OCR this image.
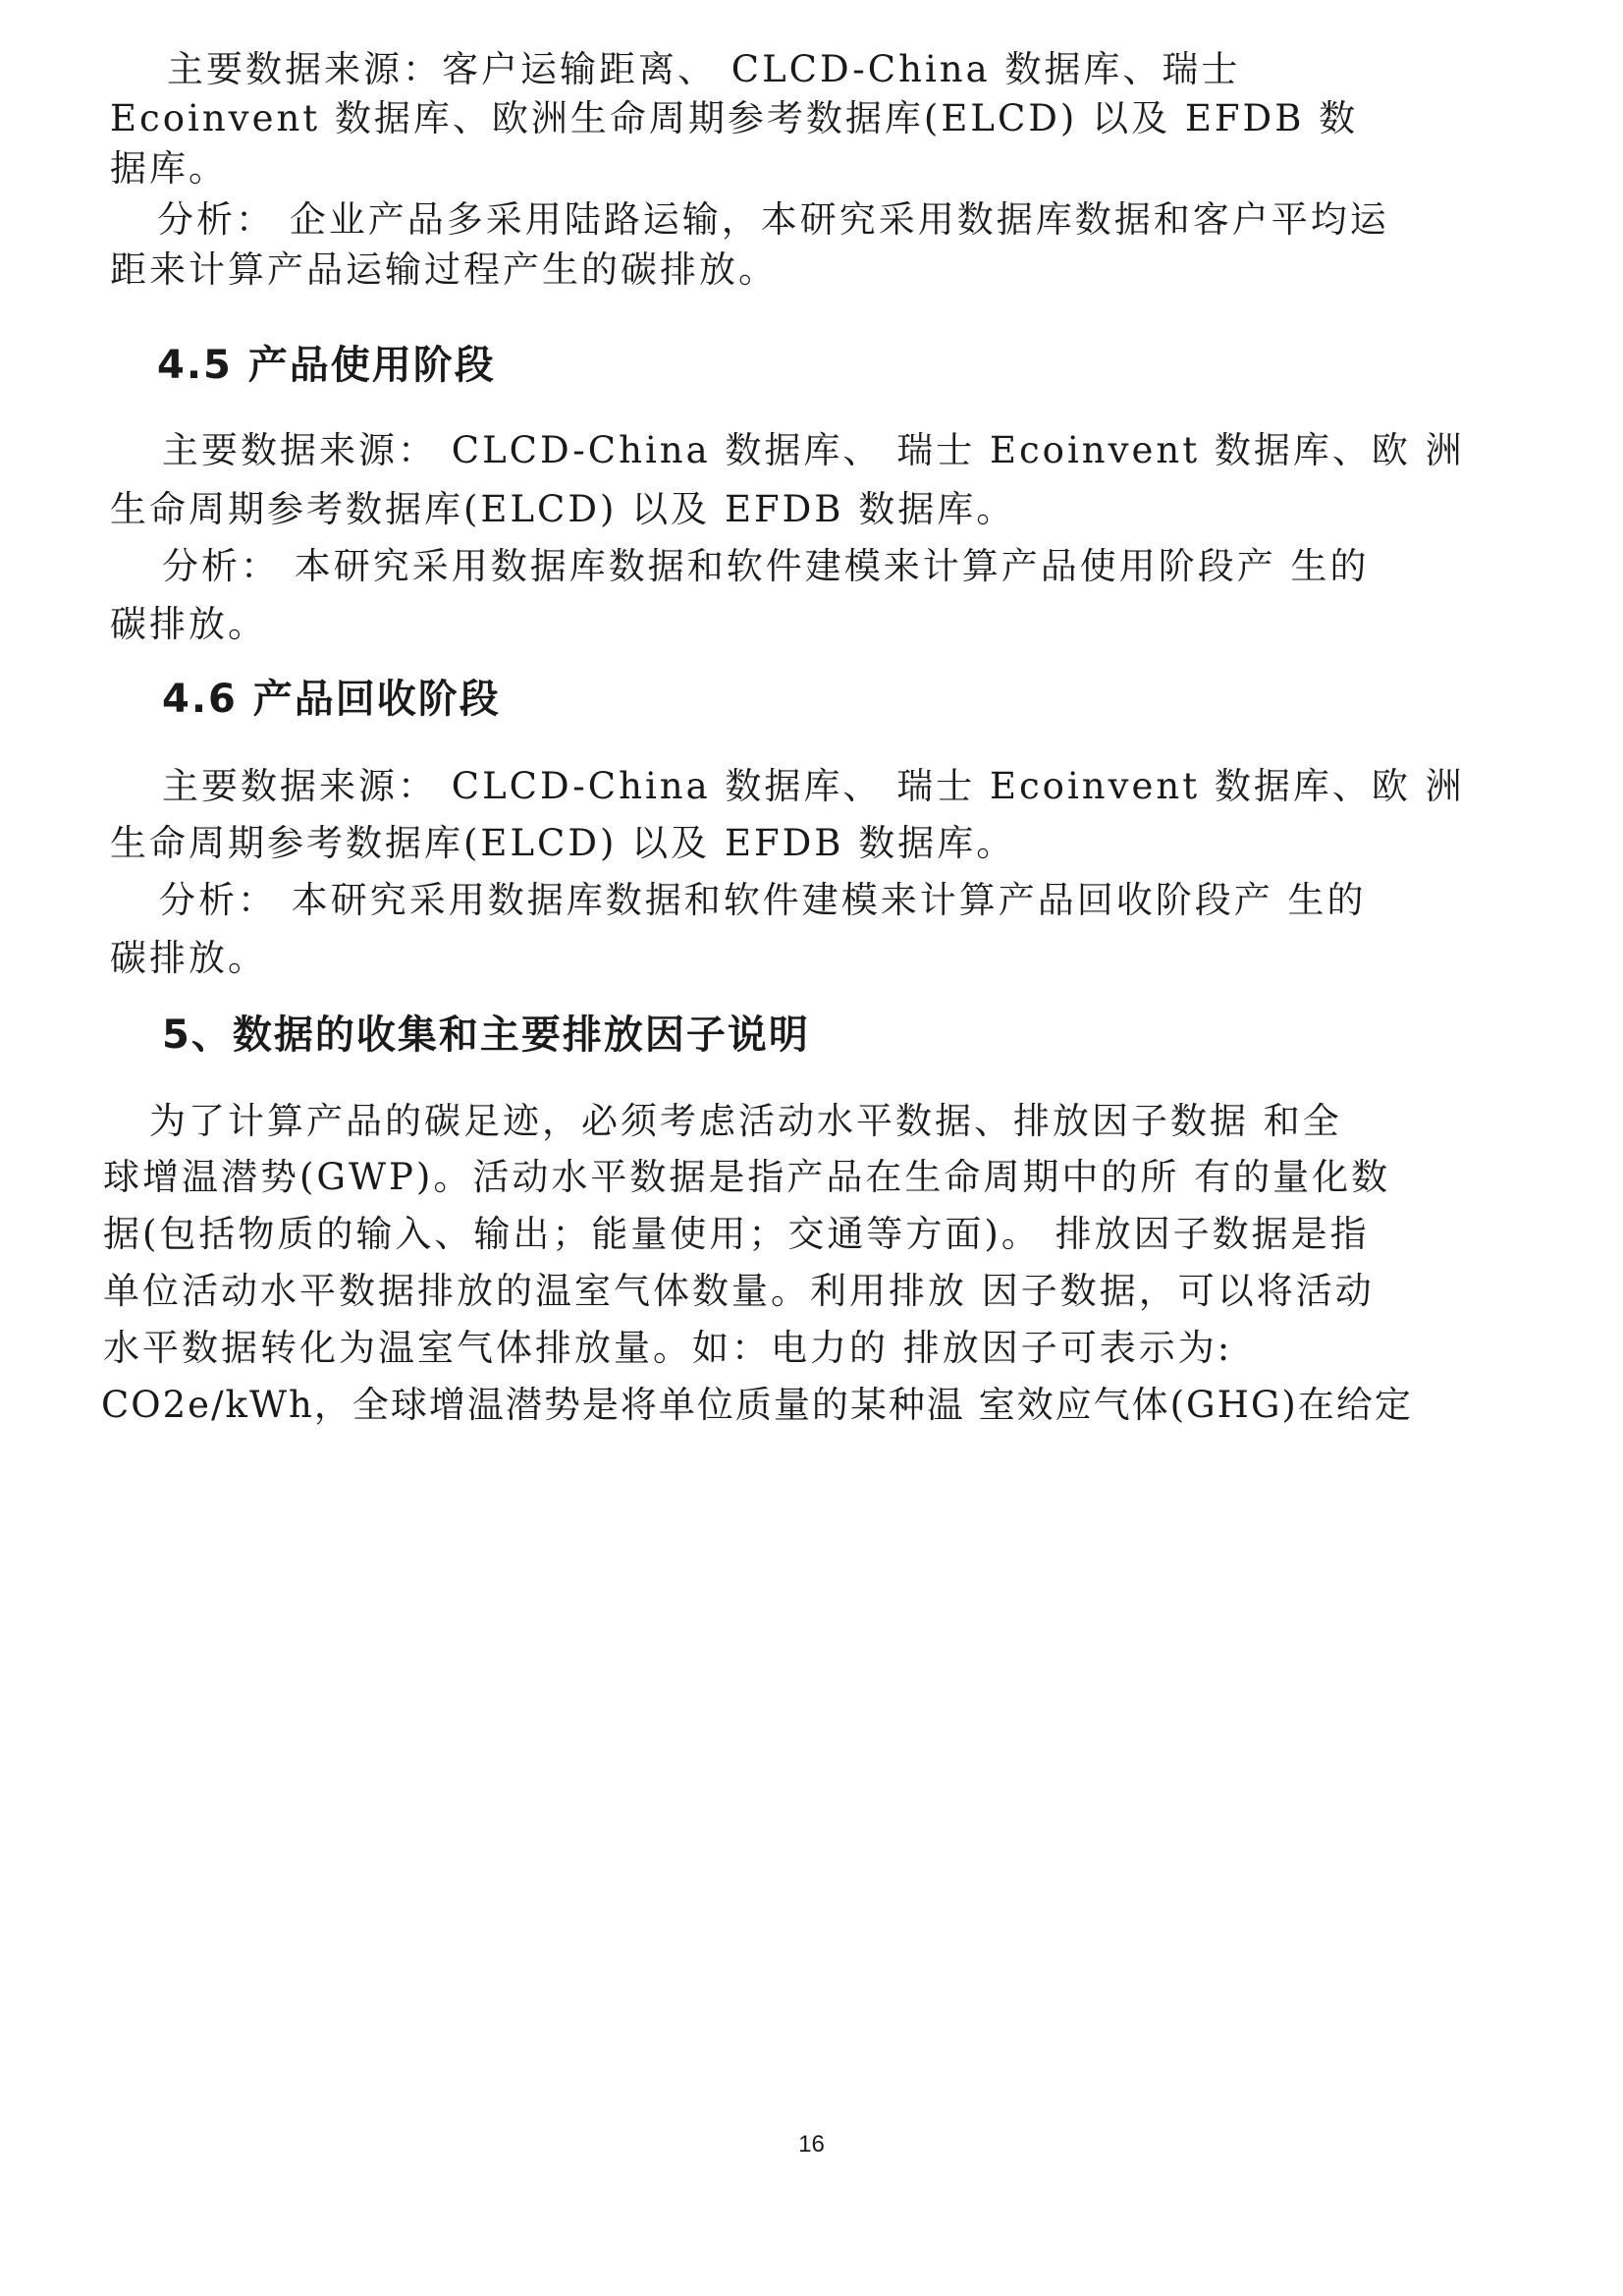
主要数据来源：客户运输距离、 CLCD-China 数据库、瑞士
Ecoinvent 数据库、欧洲生命周期参考数据库(ELCD) 以及 EFDB 数
据库。
分析： 企业产品多采用陆路运输，本研究采用数据库数据和客户平均运
距来计算产品运输过程产生的碳排放。
4.5 产品使用阶段
主要数据来源： CLCD-China 数据库、 瑞士 Ecoinvent 数据库、欧 洲
生命周期参考数据库(ELCD) 以及 EFDB 数据库。
分析： 本研究采用数据库数据和软件建模来计算产品使用阶段产 生的
碳排放。
4.6 产品回收阶段
主要数据来源： CLCD-China 数据库、 瑞士 Ecoinvent 数据库、欧 洲
生命周期参考数据库(ELCD) 以及 EFDB 数据库。
分析： 本研究采用数据库数据和软件建模来计算产品回收阶段产 生的
碳排放。
5、数据的收集和主要排放因子说明
为了计算产品的碳足迹，必须考虑活动水平数据、排放因子数据 和全
球增温潜势(GWP)。活动水平数据是指产品在生命周期中的所 有的量化数
据(包括物质的输入、输出；能量使用；交通等方面)。 排放因子数据是指
单位活动水平数据排放的温室气体数量。利用排放 因子数据，可以将活动
水平数据转化为温室气体排放量。如：电力的 排放因子可表示为:
CO2e/kWh，全球增温潜势是将单位质量的某种温 室效应气体(GHG)在给定
16
